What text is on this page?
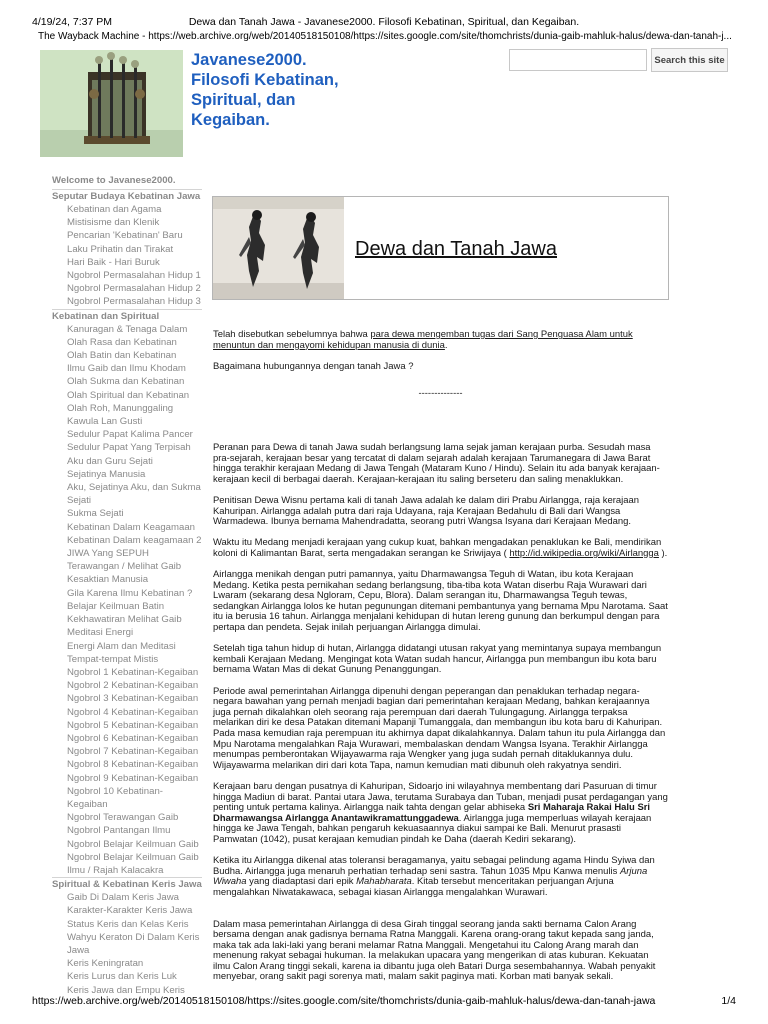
4/19/24, 7:37 PM	Dewa dan Tanah Jawa - Javanese2000. Filosofi Kebatinan, Spiritual, dan Kegaiban.
The Wayback Machine - https://web.archive.org/web/20140518150108/https://sites.google.com/site/thomchrists/dunia-gaib-mahluk-halus/dewa-dan-tanah-j...
Javanese2000.
Filosofi Kebatinan,
Spiritual, dan
Kegaiban.
Search this site
Welcome to Javanese2000.
Seputar Budaya Kebatinan Jawa
Kebatinan dan Agama
Mistisisme dan Klenik
Pencarian 'Kebatinan' Baru
Laku Prihatin dan Tirakat
Hari Baik - Hari Buruk
Ngobrol Permasalahan Hidup 1
Ngobrol Permasalahan Hidup 2
Ngobrol Permasalahan Hidup 3
Kebatinan dan Spiritual
Kanuragan & Tenaga Dalam
Olah Rasa dan Kebatinan
Olah Batin dan Kebatinan
Ilmu Gaib dan Ilmu Khodam
Olah Sukma dan Kebatinan
Olah Spiritual dan Kebatinan
Olah Roh, Manunggaling Kawula Lan Gusti
Sedulur Papat Kalima Pancer
Sedulur Papat Yang Terpisah
Aku dan Guru Sejati
Sejatinya Manusia
Aku, Sejatinya Aku, dan Sukma Sejati
Sukma Sejati
Kebatinan Dalam Keagamaan
Kebatinan Dalam keagamaan 2
JIWA Yang SEPUH
Terawangan / Melihat Gaib
Kesaktian Manusia
Gila Karena Ilmu Kebatinan ?
Belajar Keilmuan Batin
Kekhawatiran Melihat Gaib
Meditasi Energi
Energi Alam dan Meditasi
Tempat-tempat Mistis
Ngobrol 1 Kebatinan-Kegaiban
Ngobrol 2 Kebatinan-Kegaiban
Ngobrol 3 Kebatinan-Kegaiban
Ngobrol 4 Kebatinan-Kegaiban
Ngobrol 5 Kebatinan-Kegaiban
Ngobrol 6 Kebatinan-Kegaiban
Ngobrol 7 Kebatinan-Kegaiban
Ngobrol 8 Kebatinan-Kegaiban
Ngobrol 9 Kebatinan-Kegaiban
Ngobrol 10 Kebatinan-Kegaiban
Ngobrol Terawangan Gaib
Ngobrol Pantangan Ilmu
Ngobrol Belajar Keilmuan Gaib
Ngobrol Belajar Keilmuan Gaib
Ilmu / Rajah Kalacakra
Spiritual & Kebatinan Keris Jawa
Gaib Di Dalam Keris Jawa
Karakter-Karakter Keris Jawa
Status Keris dan Kelas Keris
Wahyu Keraton Di Dalam Keris Jawa
Keris Keningratan
Keris Lurus dan Keris Luk
Keris Jawa dan Empu Keris
Dewa dan Tanah Jawa

Telah disebutkan sebelumnya bahwa para dewa mengemban tugas dari Sang Penguasa Alam untuk menuntun dan mengayomi kehidupan manusia di dunia.

Bagaimana hubungannya dengan tanah Jawa ?

--------------

Peranan para Dewa di tanah Jawa sudah berlangsung lama sejak jaman kerajaan purba. Sesudah masa pra-sejarah, kerajaan besar yang tercatat di dalam sejarah adalah kerajaan Tarumanegara di Jawa Barat hingga terakhir kerajaan Medang di Jawa Tengah (Mataram Kuno / Hindu). Selain itu ada banyak kerajaan-kerajaan kecil di berbagai daerah. Kerajaan-kerajaan itu saling berseteru dan saling menaklukkan.

Penitisan Dewa Wisnu pertama kali di tanah Jawa adalah ke dalam diri Prabu Airlangga, raja kerajaan Kahuripan. Airlangga adalah putra dari raja Udayana, raja Kerajaan Bedahulu di Bali dari Wangsa Warmadewa. Ibunya bernama Mahendradatta, seorang putri Wangsa Isyana dari Kerajaan Medang.

Waktu itu Medang menjadi kerajaan yang cukup kuat, bahkan mengadakan penaklukan ke Bali, mendirikan koloni di Kalimantan Barat, serta mengadakan serangan ke Sriwijaya ( http://id.wikipedia.org/wiki/Airlangga ).

Airlangga menikah dengan putri pamannya, yaitu Dharmawangsa Teguh di Watan, ibu kota Kerajaan Medang. Ketika pesta pernikahan sedang berlangsung, tiba-tiba kota Watan diserbu Raja Wurawari dari Lwaram (sekarang desa Ngloram, Cepu, Blora). Dalam serangan itu, Dharmawangsa Teguh tewas, sedangkan Airlangga lolos ke hutan pegunungan ditemani pembantunya yang bernama Mpu Narotama. Saat itu ia berusia 16 tahun. Airlangga menjalani kehidupan di hutan lereng gunung dan berkumpul dengan para pertapa dan pendeta. Sejak inilah perjuangan Airlangga dimulai.

Setelah tiga tahun hidup di hutan, Airlangga didatangi utusan rakyat yang memintanya supaya membangun kembali Kerajaan Medang. Mengingat kota Watan sudah hancur, Airlangga pun membangun ibu kota baru bernama Watan Mas di dekat Gunung Penanggungan.

Periode awal pemerintahan Airlangga dipenuhi dengan peperangan dan penaklukan terhadap negara-negara bawahan yang pernah menjadi bagian dari pemerintahan kerajaan Medang, bahkan kerajaannya juga pernah dikalahkan oleh seorang raja perempuan dari daerah Tulungagung. Airlangga terpaksa melarikan diri ke desa Patakan ditemani Mapanji Tumanggala, dan membangun ibu kota baru di Kahuripan. Pada masa kemudian raja perempuan itu akhirnya dapat dikalahkannya. Dalam tahun itu pula Airlangga dan Mpu Narotama mengalahkan Raja Wurawari, membalaskan dendam Wangsa Isyana. Terakhir Airlangga menumpas pemberontakan Wijayawarma raja Wengker yang juga sudah pernah ditaklukannya dulu. Wijayawarma melarikan diri dari kota Tapa, namun kemudian mati dibunuh oleh rakyatnya sendiri.

Kerajaan baru dengan pusatnya di Kahuripan, Sidoarjo ini wilayahnya membentang dari Pasuruan di timur hingga Madiun di barat. Pantai utara Jawa, terutama Surabaya dan Tuban, menjadi pusat perdagangan yang penting untuk pertama kalinya. Airlangga naik tahta dengan gelar abhiseka Sri Maharaja Rakai Halu Sri Dharmawangsa Airlangga Anantawikramattunggadewa. Airlangga juga memperluas wilayah kerajaan hingga ke Jawa Tengah, bahkan pengaruh kekuasaannya diakui sampai ke Bali. Menurut prasasti Pamwatan (1042), pusat kerajaan kemudian pindah ke Daha (daerah Kediri sekarang).

Ketika itu Airlangga dikenal atas toleransi beragamanya, yaitu sebagai pelindung agama Hindu Syiwa dan Budha. Airlangga juga menaruh perhatian terhadap seni sastra. Tahun 1035 Mpu Kanwa menulis Arjuna Wiwaha yang diadaptasi dari epik Mahabharata. Kitab tersebut menceritakan perjuangan Arjuna mengalahkan Niwatakawaca, sebagai kiasan Airlangga mengalahkan Wurawari.

Dalam masa pemerintahan Airlangga di desa Girah tinggal seorang janda sakti bernama Calon Arang bersama dengan anak gadisnya bernama Ratna Manggali. Karena orang-orang takut kepada sang janda, maka tak ada laki-laki yang berani melamar Ratna Manggali. Mengetahui itu Calong Arang marah dan menenung rakyat sebagai hukuman. Ia melakukan upacara yang mengerikan di atas kuburan. Kekuatan ilmu Calon Arang tinggi sekali, karena ia dibantu juga oleh Batari Durga sesembahannya. Wabah penyakit menyebar, orang sakit pagi sorenya mati, malam sakit paginya mati. Korban mati banyak sekali.

https://web.archive.org/web/20140518150108/https://sites.google.com/site/thomchrists/dunia-gaib-mahluk-halus/dewa-dan-tanah-jawa	1/4
